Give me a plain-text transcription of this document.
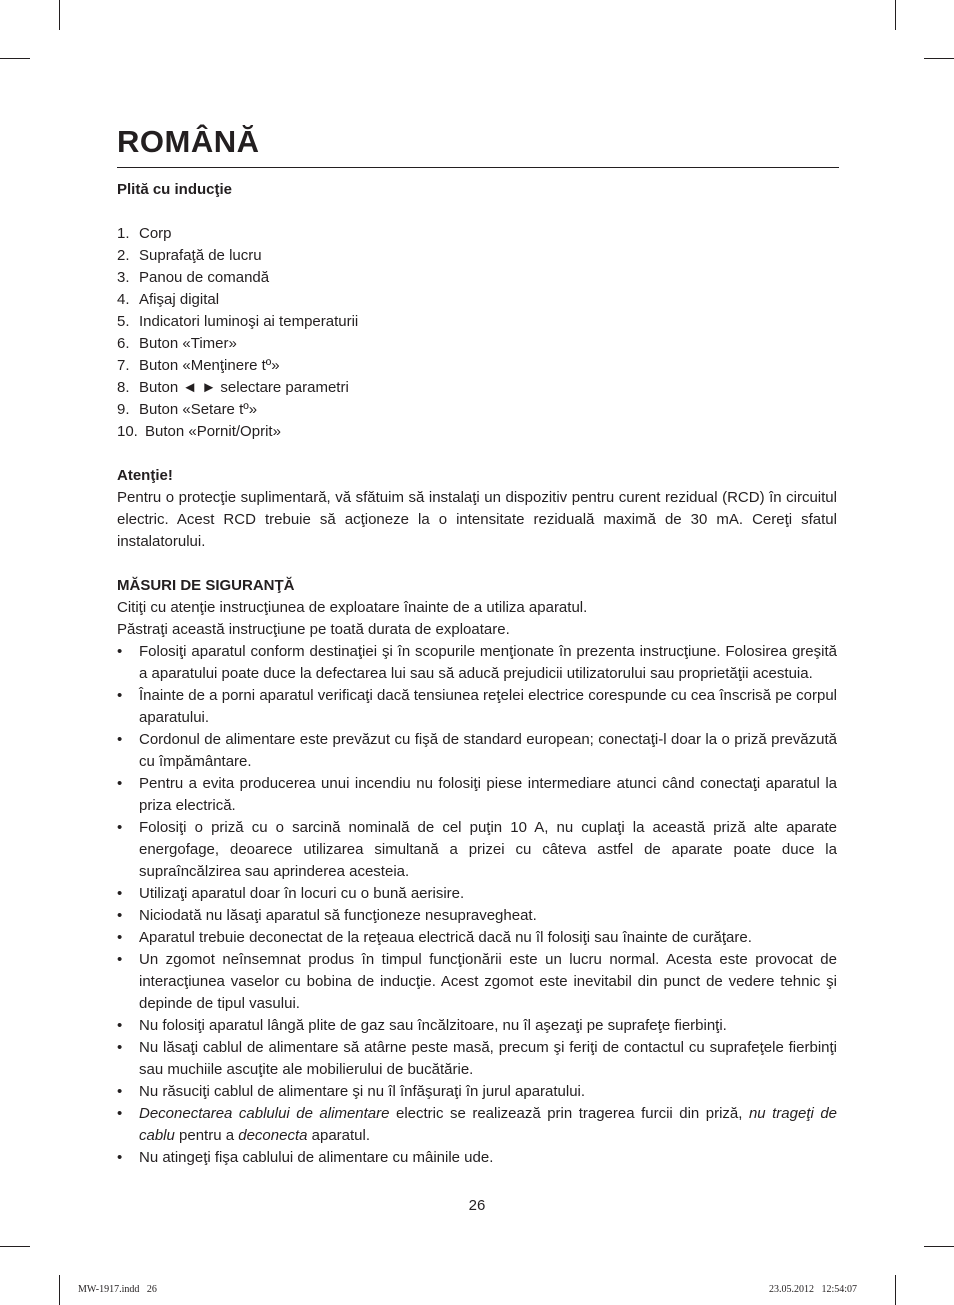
ROMÂNĂ

Plită cu inducţie

1. Corp
2. Suprafaţă de lucru
3. Panou de comandă
4. Afişaj digital
5. Indicatori luminoşi ai temperaturii
6. Buton «Timer»
7. Buton «Menţinere tº»
8. Buton ◄ ► selectare parametri
9. Buton «Setare tº»
10. Buton «Pornit/Oprit»

Atenţie!

Pentru o protecţie suplimentară, vă sfătuim să instalaţi un dispozitiv pentru curent rezidual (RCD) în circuitul electric. Acest RCD trebuie să acţioneze la o intensitate reziduală maximă de 30 mA. Cereţi sfatul instalatorului.

MĂSURI DE SIGURANŢĂ

Citiţi cu atenţie instrucţiunea de exploatare înainte de a utiliza aparatul.

Păstraţi această instrucţiune pe toată durata de exploatare.

• Folosiţi aparatul conform destinaţiei şi în scopurile menţionate în prezenta instrucţiune. Folosirea greşită a aparatului poate duce la defectarea lui sau să aducă prejudicii utilizatorului sau proprietăţii acestuia.
• Înainte de a porni aparatul verificaţi dacă tensiunea reţelei electrice corespunde cu cea înscrisă pe corpul aparatului.
• Cordonul de alimentare este prevăzut cu fişă de standard european; conectaţi-l doar la o priză prevăzută cu împământare.
• Pentru a evita producerea unui incendiu nu folosiţi piese intermediare atunci când conectaţi aparatul la priza electrică.
• Folosiţi o priză cu o sarcină nominală de cel puţin 10 A, nu cuplaţi la această priză alte aparate energofage, deoarece utilizarea simultană a prizei cu câteva astfel de aparate poate duce la supraîncălzirea sau aprinderea acesteia.
• Utilizaţi aparatul doar în locuri cu o bună aerisire.
• Niciodată nu lăsaţi aparatul să funcţioneze nesupravegheat.
• Aparatul trebuie deconectat de la reţeaua electrică dacă nu îl folosiţi sau înainte de curăţare.
• Un zgomot neînsemnat produs în timpul funcţionării este un lucru normal. Acesta este provocat de interacţiunea vaselor cu bobina de inducţie. Acest zgomot este inevitabil din punct de vedere tehnic şi depinde de tipul vasului.
• Nu folosiţi aparatul lângă plite de gaz sau încălzitoare, nu îl aşezaţi pe suprafeţe fierbinţi.
• Nu lăsaţi cablul de alimentare să atârne peste masă, precum şi feriţi de contactul cu suprafeţele fierbinţi sau muchiile ascuţite ale mobilierului de bucătărie.
• Nu răsuciţi cablul de alimentare şi nu îl înfăşuraţi în jurul aparatului.
• Deconectarea cablului de alimentare electric se realizează prin tragerea furcii din priză, nu trageţi de cablu pentru a deconecta aparatul.
• Nu atingeţi fişa cablului de alimentare cu mâinile ude.
26
MW-1917.indd   26	23.05.2012   12:54:07
